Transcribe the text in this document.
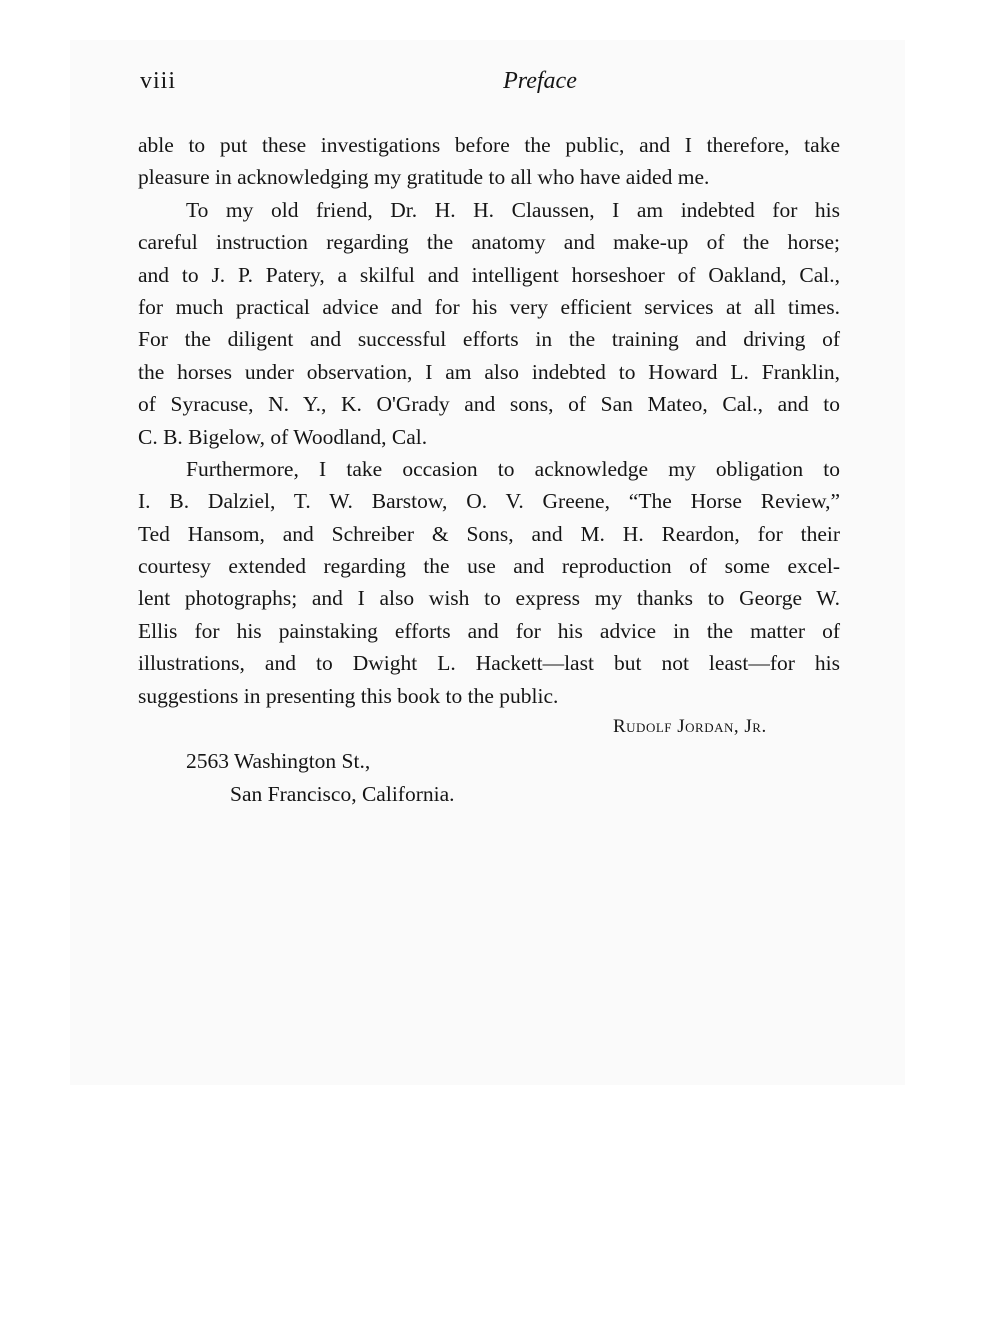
viii	Preface
able to put these investigations before the public, and I therefore, take
pleasure in acknowledging my gratitude to all who have aided me.
To my old friend, Dr. H. H. Claussen, I am indebted for his
careful instruction regarding the anatomy and make-up of the horse;
and to J. P. Patery, a skilful and intelligent horseshoer of Oakland, Cal.,
for much practical advice and for his very efficient services at all times.
For the diligent and successful efforts in the training and driving of
the horses under observation, I am also indebted to Howard L. Franklin,
of Syracuse, N. Y., K. O'Grady and sons, of San Mateo, Cal., and to
C. B. Bigelow, of Woodland, Cal.
Furthermore, I take occasion to acknowledge my obligation to
I. B. Dalziel, T. W. Barstow, O. V. Greene, “The Horse Review,”
Ted Hansom, and Schreiber & Sons, and M. H. Reardon, for their
courtesy extended regarding the use and reproduction of some excel-
lent photographs; and I also wish to express my thanks to George W.
Ellis for his painstaking efforts and for his advice in the matter of
illustrations, and to Dwight L. Hackett—last but not least—for his
suggestions in presenting this book to the public.
Rudolf Jordan, Jr.
2563 Washington St.,
San Francisco, California.
